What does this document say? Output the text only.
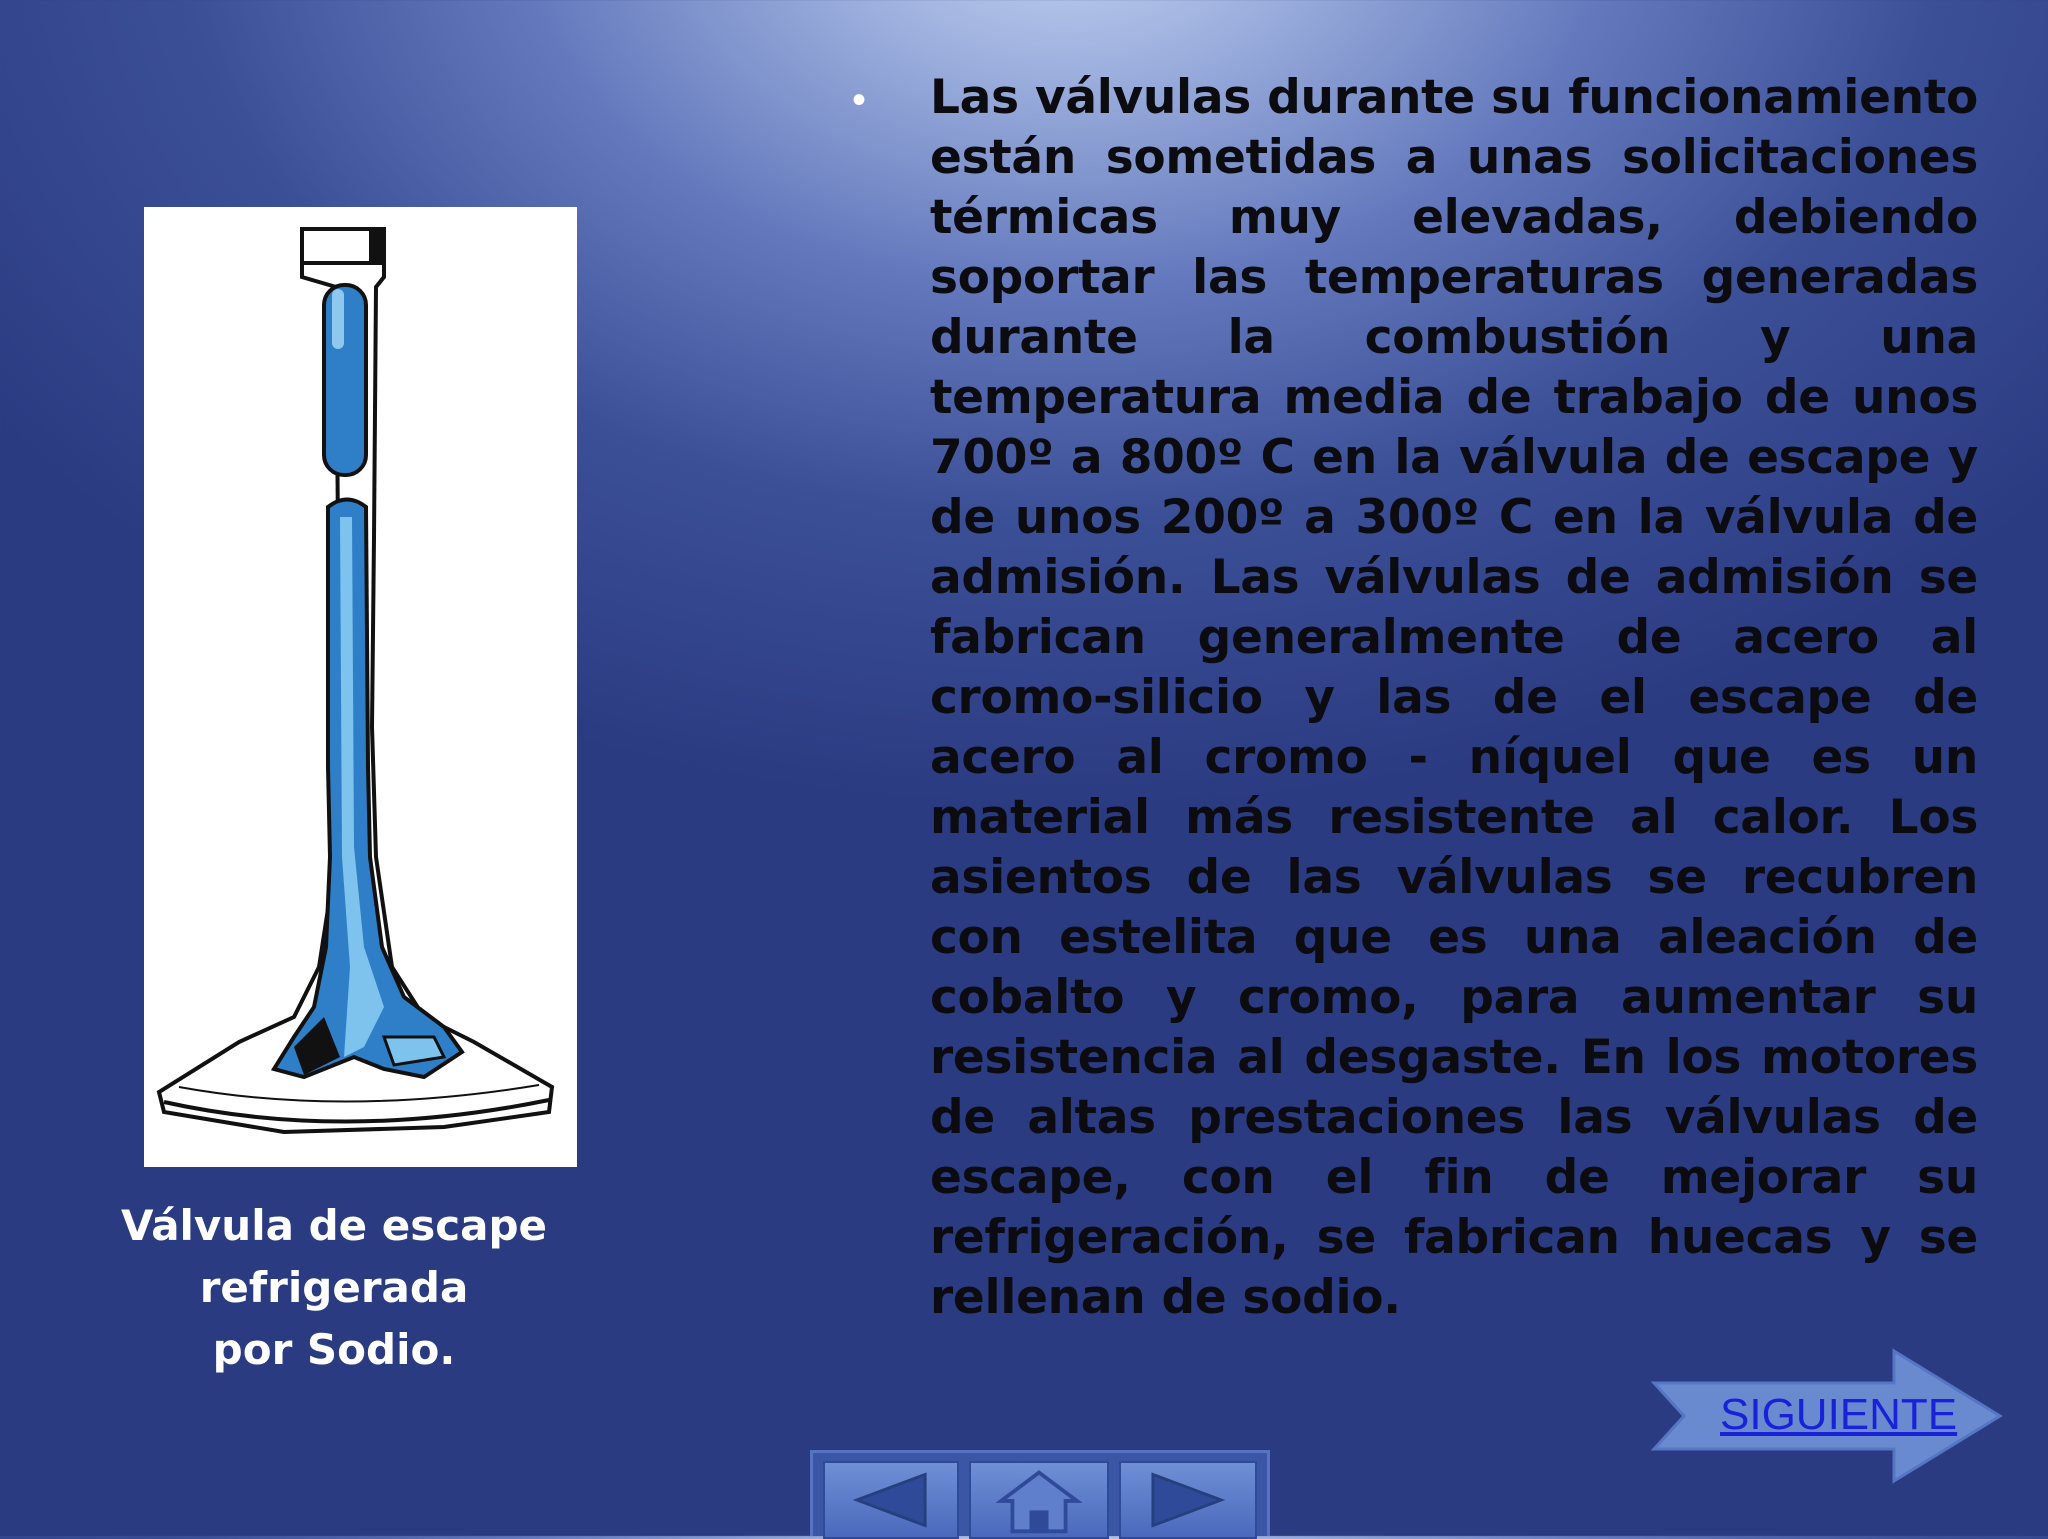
Válvula de escape refrigerada
por Sodio.
• Las válvulas durante su funcionamiento están sometidas a unas solicitaciones térmicas muy elevadas, debiendo soportar las temperaturas generadas durante la combustión y una temperatura media de trabajo de unos 700º a 800º C en la válvula de escape y de unos 200º a 300º C en la válvula de admisión. Las válvulas de admisión se fabrican generalmente de acero al cromo-silicio y las de el escape de acero al cromo - níquel que es un material más resistente al calor. Los asientos de las válvulas se recubren con estelita que es una aleación de cobalto y cromo, para aumentar su resistencia al desgaste. En los motores de altas prestaciones las válvulas de escape, con el fin de mejorar su refrigeración, se fabrican huecas y se rellenan de sodio.
SIGUIENTE
